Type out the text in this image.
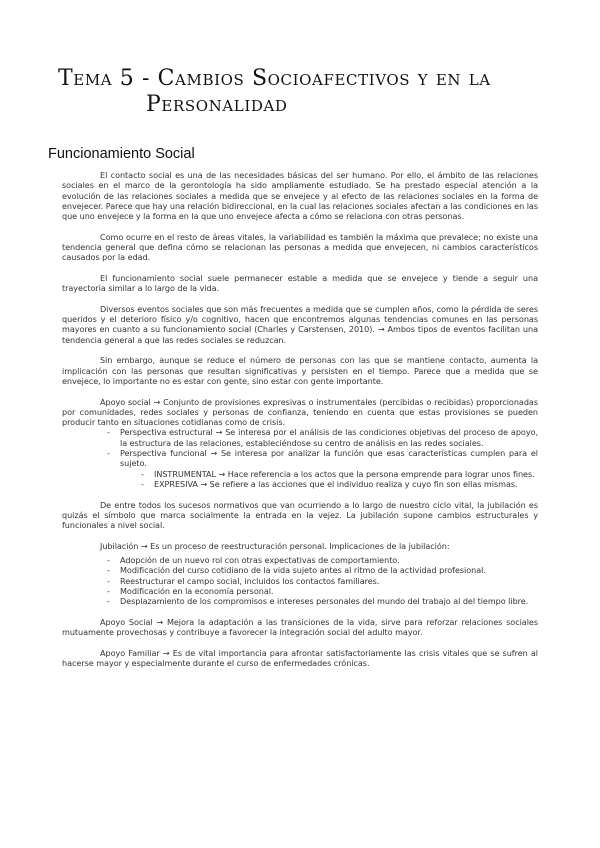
Tema 5 - Cambios Socioafectivos y en la
Personalidad
Funcionamiento Social

El contacto social es una de las necesidades básicas del ser humano. Por ello, el ámbito de las relaciones sociales en el marco de la gerontología ha sido ampliamente estudiado. Se ha prestado especial atención a la evolución de las relaciones sociales a medida que se envejece y al efecto de las relaciones sociales en la forma de envejecer. Parece que hay una relación bidireccional, en la cual las relaciones sociales afectan a las condiciones en las que uno envejece y la forma en la que uno envejece afecta a cómo se relaciona con otras personas.

Como ocurre en el resto de áreas vitales, la variabilidad es también la máxima que prevalece; no existe una tendencia general que defina cómo se relacionan las personas a medida que envejecen, ni cambios característicos causados por la edad.

El funcionamiento social suele permanecer estable a medida que se envejece y tiende a seguir una trayectoria similar a lo largo de la vida.

Diversos eventos sociales que son más frecuentes a medida que se cumplen años, como la pérdida de seres queridos y el deterioro físico y/o cognitivo, hacen que encontremos algunas tendencias comunes en las personas mayores en cuanto a su funcionamiento social (Charles y Carstensen, 2010). → Ambos tipos de eventos facilitan una tendencia general a que las redes sociales se reduzcan.

Sin embargo, aunque se reduce el número de personas con las que se mantiene contacto, aumenta la implicación con las personas que resultan significativas y persisten en el tiempo. Parece que a medida que se envejece, lo importante no es estar con gente, sino estar con gente importante.

Apoyo social → Conjunto de provisiones expresivas o instrumentales (percibidas o recibidas) proporcionadas por comunidades, redes sociales y personas de confianza, teniendo en cuenta que estas provisiones se pueden producir tanto en situaciones cotidianas como de crisis.

- Perspectiva estructural → Se interesa por el análisis de las condiciones objetivas del proceso de apoyo, la estructura de las relaciones, estableciéndose su centro de análisis en las redes sociales.
- Perspectiva funcional → Se interesa por analizar la función que esas características cumplen para el sujeto.
- INSTRUMENTAL → Hace referencia a los actos que la persona emprende para lograr unos fines.
- EXPRESIVA → Se refiere a las acciones que el individuo realiza y cuyo fin son ellas mismas.

De entre todos los sucesos normativos que van ocurriendo a lo largo de nuestro ciclo vital, la jubilación es quizás el símbolo que marca socialmente la entrada en la vejez. La jubilación supone cambios estructurales y funcionales a nivel social.

Jubilación → Es un proceso de reestructuración personal. Implicaciones de la jubilación:

- Adopción de un nuevo rol con otras expectativas de comportamiento.
- Modificación del curso cotidiano de la vida sujeto antes al ritmo de la actividad profesional.
- Reestructurar el campo social, incluidos los contactos familiares.
- Modificación en la economía personal.
- Desplazamiento de los compromisos e intereses personales del mundo del trabajo al del tiempo libre.

Apoyo Social → Mejora la adaptación a las transiciones de la vida, sirve para reforzar relaciones sociales mutuamente provechosas y contribuye a favorecer la integración social del adulto mayor.

Apoyo Familiar → Es de vital importancia para afrontar satisfactoriamente las crisis vitales que se sufren al hacerse mayor y especialmente durante el curso de enfermedades crónicas.
